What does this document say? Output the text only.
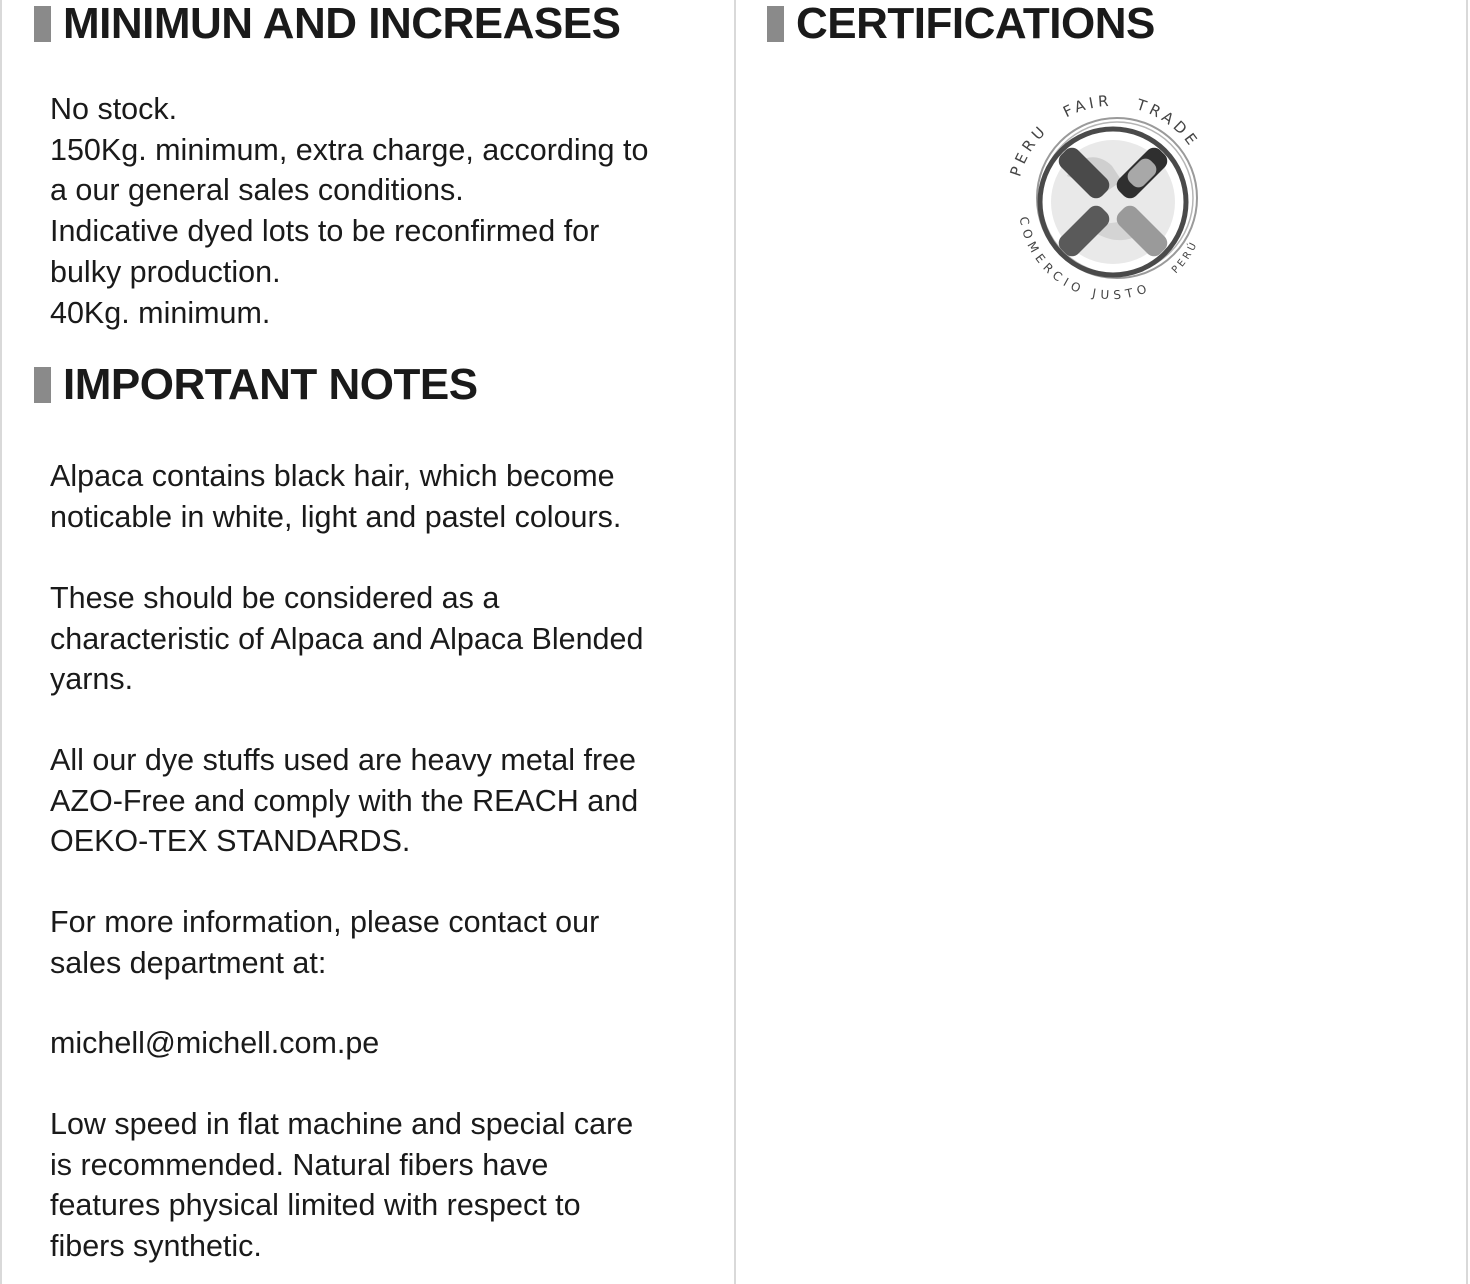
MINIMUN AND INCREASES
No stock.
150Kg. minimum, extra charge, according to
a our general sales conditions.
Indicative dyed lots to be reconfirmed for
bulky production.
40Kg. minimum.
IMPORTANT NOTES
Alpaca contains black hair, which become
noticable in white, light and pastel colours.
These should be considered as a
characteristic of Alpaca and Alpaca Blended
yarns.
All our dye stuffs used are heavy metal free
AZO-Free and comply with the REACH and
OEKO-TEX STANDARDS.
For more information, please contact our
sales department at:
michell@michell.com.pe
Low speed in flat machine and special care
is recommended. Natural fibers have
features physical limited with respect to
fibers synthetic.
CERTIFICATIONS
PERU
FAIR TRADE
COMERCIO JUSTO
PERÚ
